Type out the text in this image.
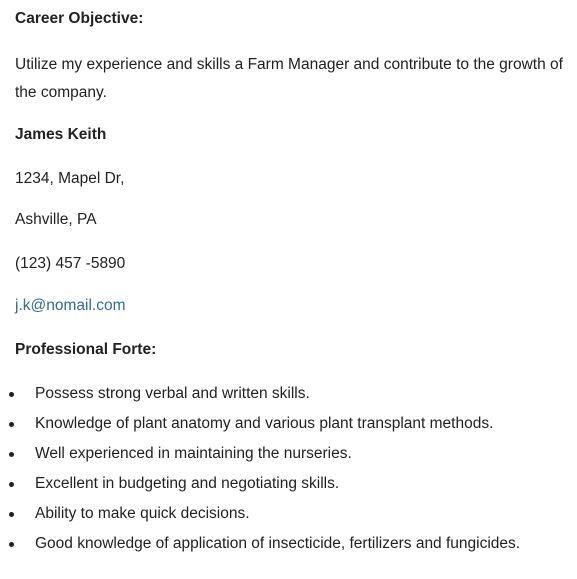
Career Objective:
Utilize my experience and skills a Farm Manager and contribute to the growth of the company.
James Keith
1234, Mapel Dr,
Ashville, PA
(123) 457 -5890
j.k@nomail.com
Professional Forte:
Possess strong verbal and written skills.
Knowledge of plant anatomy and various plant transplant methods.
Well experienced in maintaining the nurseries.
Excellent in budgeting and negotiating skills.
Ability to make quick decisions.
Good knowledge of application of insecticide, fertilizers and fungicides.
